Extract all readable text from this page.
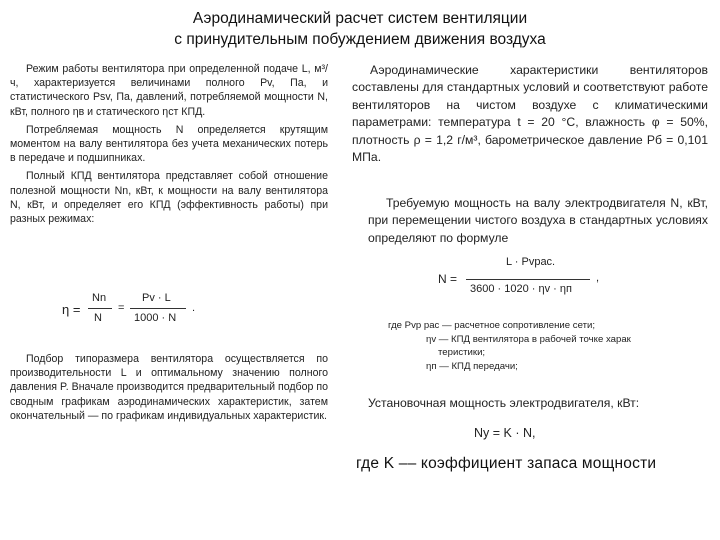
Аэродинамический расчет систем вентиляции
с принудительным побуждением движения воздуха

Режим работы вентилятора при определенной подаче L, м³/ч, характеризуется величинами полного Pv, Па, и статистического Psv, Па, давлений, потребляемой мощности N, кВт, полного ηв и статического ηст КПД.

Потребляемая мощность N определяется крутящим моментом на валу вентилятора без учета механических потерь в передаче и подшипниках.

Полный КПД вентилятора представляет собой отношение полезной мощности Nn, кВт, к мощности на валу вентилятора N, кВт, и определяет его КПД (эффективность работы) при разных режимах:

η =
Nn
N
=
Pv · L
1000 · N
.

Подбор типоразмера вентилятора осуществляется по производительности L и оптимальному значению полного давления P. Вначале производится предварительный подбор по сводным графикам аэродинамических характеристик, затем окончательный — по графикам индивидуальных характеристик.

Аэродинамические характеристики вентиляторов составлены для стандартных условий и соответствуют работе вентиляторов на чистом воздухе с климатическими параметрами: температура t = 20 °С, влажность φ = 50%, плотность ρ = 1,2 г/м³, барометрическое давление Рб = 0,101 МПа.

Требуемую мощность на валу электродвигателя N, кВт, при перемещении чистого воздуха в стандартных условиях определяют по формуле

N =
L · Pvрас.
3600 · 1020 · ηv · ηп
,
где Pvр рас — расчетное сопротивление сети;
ηv — КПД вентилятора в рабочей точке харак
теристики;
ηп — КПД передачи;
Установочная мощность электродвигателя, кВт:
Ny = K · N,
где K –– коэффициент запаса мощности
